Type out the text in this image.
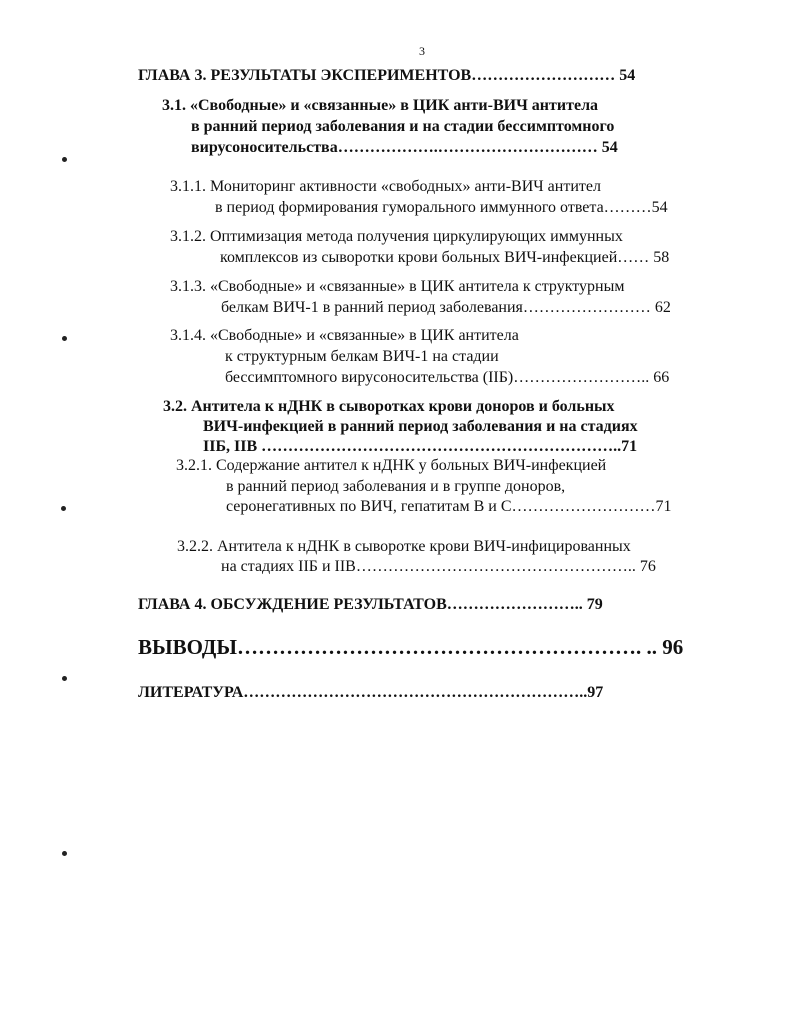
3
ГЛАВА 3. РЕЗУЛЬТАТЫ ЭКСПЕРИМЕНТОВ……………………… 54
3.1. «Свободные» и «связанные» в ЦИК анти-ВИЧ антитела
в ранний период заболевания и на стадии бессимптомного
вирусоносительства……………….………………………… 54
3.1.1. Мониторинг активности «свободных» анти-ВИЧ антител
в период формирования гуморального иммунного ответа………54
3.1.2. Оптимизация метода получения циркулирующих иммунных
комплексов из сыворотки крови больных ВИЧ-инфекцией…… 58
3.1.3. «Свободные» и «связанные» в ЦИК антитела к структурным
белкам ВИЧ-1 в ранний период заболевания…………………… 62
3.1.4. «Свободные» и «связанные» в ЦИК антитела
к структурным белкам ВИЧ-1 на стадии
бессимптомного вирусоносительства (IIБ)…………………….. 66
3.2. Антитела к нДНК в сыворотках крови доноров и больных
ВИЧ-инфекцией в ранний период заболевания и на стадиях
IIБ, IIВ …………………………………………………………..71
3.2.1. Содержание антител к нДНК у больных ВИЧ-инфекцией
в ранний период заболевания и в группе доноров,
серонегативных по ВИЧ, гепатитам В и С………………………71
3.2.2. Антитела к нДНК в сыворотке крови ВИЧ-инфицированных
на стадиях IIБ и IIВ…………………………………………….. 76
ГЛАВА 4. ОБСУЖДЕНИЕ РЕЗУЛЬТАТОВ…………………….. 79
ВЫВОДЫ…………………………………………………. .. 96
ЛИТЕРАТУРА………………………………………………………..97
